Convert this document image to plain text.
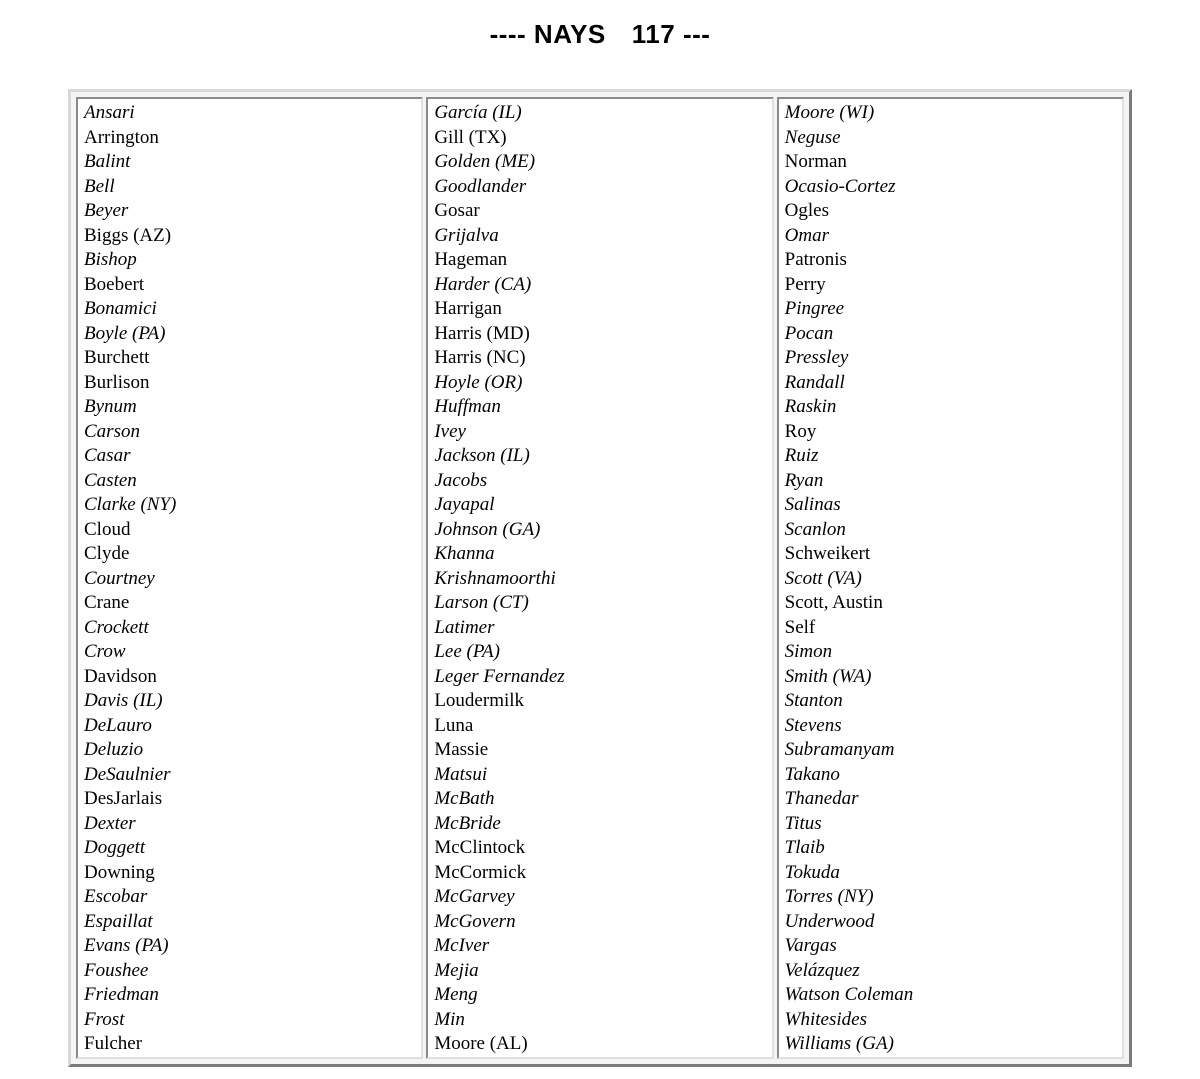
---- NAYS 117 ---
Ansari
Arrington
Balint
Bell
Beyer
Biggs (AZ)
Bishop
Boebert
Bonamici
Boyle (PA)
Burchett
Burlison
Bynum
Carson
Casar
Casten
Clarke (NY)
Cloud
Clyde
Courtney
Crane
Crockett
Crow
Davidson
Davis (IL)
DeLauro
Deluzio
DeSaulnier
DesJarlais
Dexter
Doggett
Downing
Escobar
Espaillat
Evans (PA)
Foushee
Friedman
Frost
Fulcher
García (IL)
Gill (TX)
Golden (ME)
Goodlander
Gosar
Grijalva
Hageman
Harder (CA)
Harrigan
Harris (MD)
Harris (NC)
Hoyle (OR)
Huffman
Ivey
Jackson (IL)
Jacobs
Jayapal
Johnson (GA)
Khanna
Krishnamoorthi
Larson (CT)
Latimer
Lee (PA)
Leger Fernandez
Loudermilk
Luna
Massie
Matsui
McBath
McBride
McClintock
McCormick
McGarvey
McGovern
McIver
Mejia
Meng
Min
Moore (AL)
Moore (WI)
Neguse
Norman
Ocasio-Cortez
Ogles
Omar
Patronis
Perry
Pingree
Pocan
Pressley
Randall
Raskin
Roy
Ruiz
Ryan
Salinas
Scanlon
Schweikert
Scott (VA)
Scott, Austin
Self
Simon
Smith (WA)
Stanton
Stevens
Subramanyam
Takano
Thanedar
Titus
Tlaib
Tokuda
Torres (NY)
Underwood
Vargas
Velázquez
Watson Coleman
Whitesides
Williams (GA)
